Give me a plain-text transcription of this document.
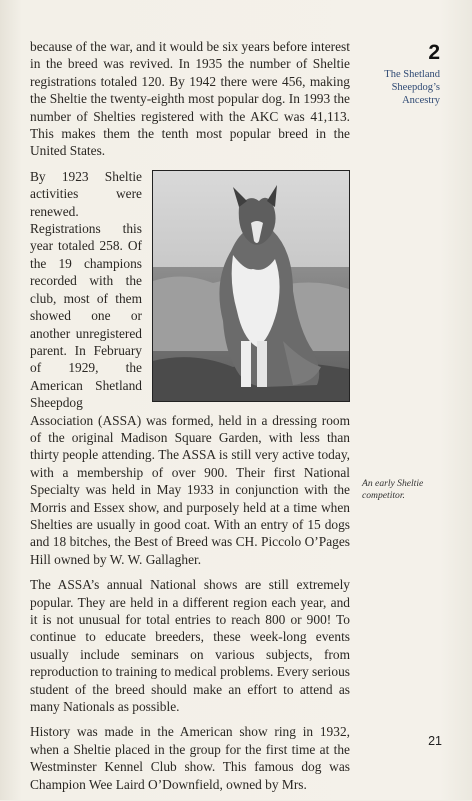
because of the war, and it would be six years before interest in the breed was revived. In 1935 the number of Sheltie registrations totaled 120. By 1942 there were 456, making the Sheltie the twenty-eighth most popular dog. In 1993 the number of Shelties registered with the AKC was 41,113. This makes them the tenth most popular breed in the United States.

By 1923 Sheltie activities were renewed. Registrations this year totaled 258. Of the 19 champions recorded with the club, most of them showed one or another unregistered parent. In February of 1929, the American Shetland Sheepdog Association (ASSA) was formed, held in a dressing room of the original Madison Square Garden, with less than thirty people attending. The ASSA is still very active today, with a membership of over 900. Their first National Specialty was held in May 1933 in conjunction with the Morris and Essex show, and purposely held at a time when Shelties are usually in good coat. With an entry of 15 dogs and 18 bitches, the Best of Breed was CH. Piccolo O’Pages Hill owned by W. W. Gallagher.

The ASSA’s annual National shows are still extremely popular. They are held in a different region each year, and it is not unusual for total entries to reach 800 or 900! To continue to educate breeders, these week-long events usually include seminars on various subjects, from reproduction to training to medical problems. Every serious student of the breed should make an effort to attend as many Nationals as possible.

History was made in the American show ring in 1932, when a Sheltie placed in the group for the first time at the Westminster Kennel Club show. This famous dog was Champion Wee Laird O’Downfield, owned by Mrs.

2
The Shetland Sheepdog’s Ancestry
An early Sheltie competitor.
21
